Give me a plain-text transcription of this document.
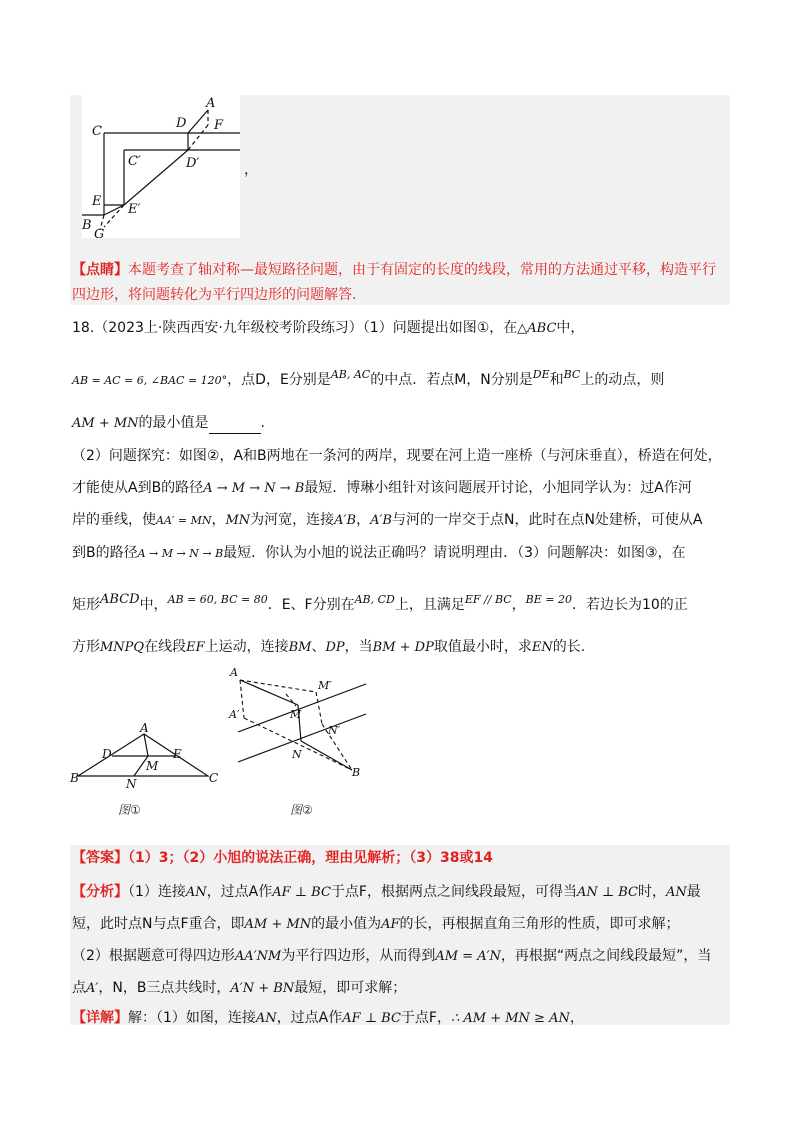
A
D F
C
C′	D′
E
E′
B
G
，
【点睛】本题考查了轴对称—最短路径问题，由于有固定的长度的线段，常用的方法通过平移，构造平行
四边形，将问题转化为平行四边形的问题解答.
18.（2023上·陕西西安·九年级校考阶段练习）（1）问题提出如图①，在△ABC中，
AB = AC = 6, ∠BAC = 120°，点D，E分别是$^{AB, AC}$的中点．若点M，N分别是$^{DE}$和$^{BC}$上的动点，则
AM + MN的最小值是	.
（2）问题探究：如图②，A和B两地在一条河的两岸，现要在河上造一座桥（与河床垂直），桥造在何处，
才能使从A到B的路径A → M → N → B最短．博琳小组针对该问题展开讨论，小旭同学认为：过A作河
岸的垂线，使AA′ = MN，MN为河宽，连接A′B，A′B与河的一岸交于点N，此时在点N处建桥，可使从A
到B的路径A → M → N → B最短．你认为小旭的说法正确吗？请说明理由．（3）问题解决：如图③，在
矩形ABCD中，$^{AB = 60, BC = 80}$．E、F分别在$^{AB, CD}$上，且满足$^{EF // BC}$，$^{BE = 20}$．若边长为10的正
方形MNPQ在线段EF上运动，连接BM、DP，当BM + DP取值最小时，求EN的长.
A
D	E
M
N
B	C
图①
A
A′	M
M′
N
N′
B
图②
【答案】（1）3；（2）小旭的说法正确，理由见解析；（3）38或14
【分析】（1）连接AN，过点A作AF ⊥ BC于点F，根据两点之间线段最短，可得当AN ⊥ BC时，AN最
短，此时点N与点F重合，即AM + MN的最小值为AF的长，再根据直角三角形的性质，即可求解；
（2）根据题意可得四边形AA′NM为平行四边形，从而得到AM = A′N，再根据“两点之间线段最短”，当
点A′，N，B三点共线时，A′N + BN最短，即可求解；
【详解】解：（1）如图，连接AN，过点A作AF ⊥ BC于点F，∴ AM + MN ≥ AN，
